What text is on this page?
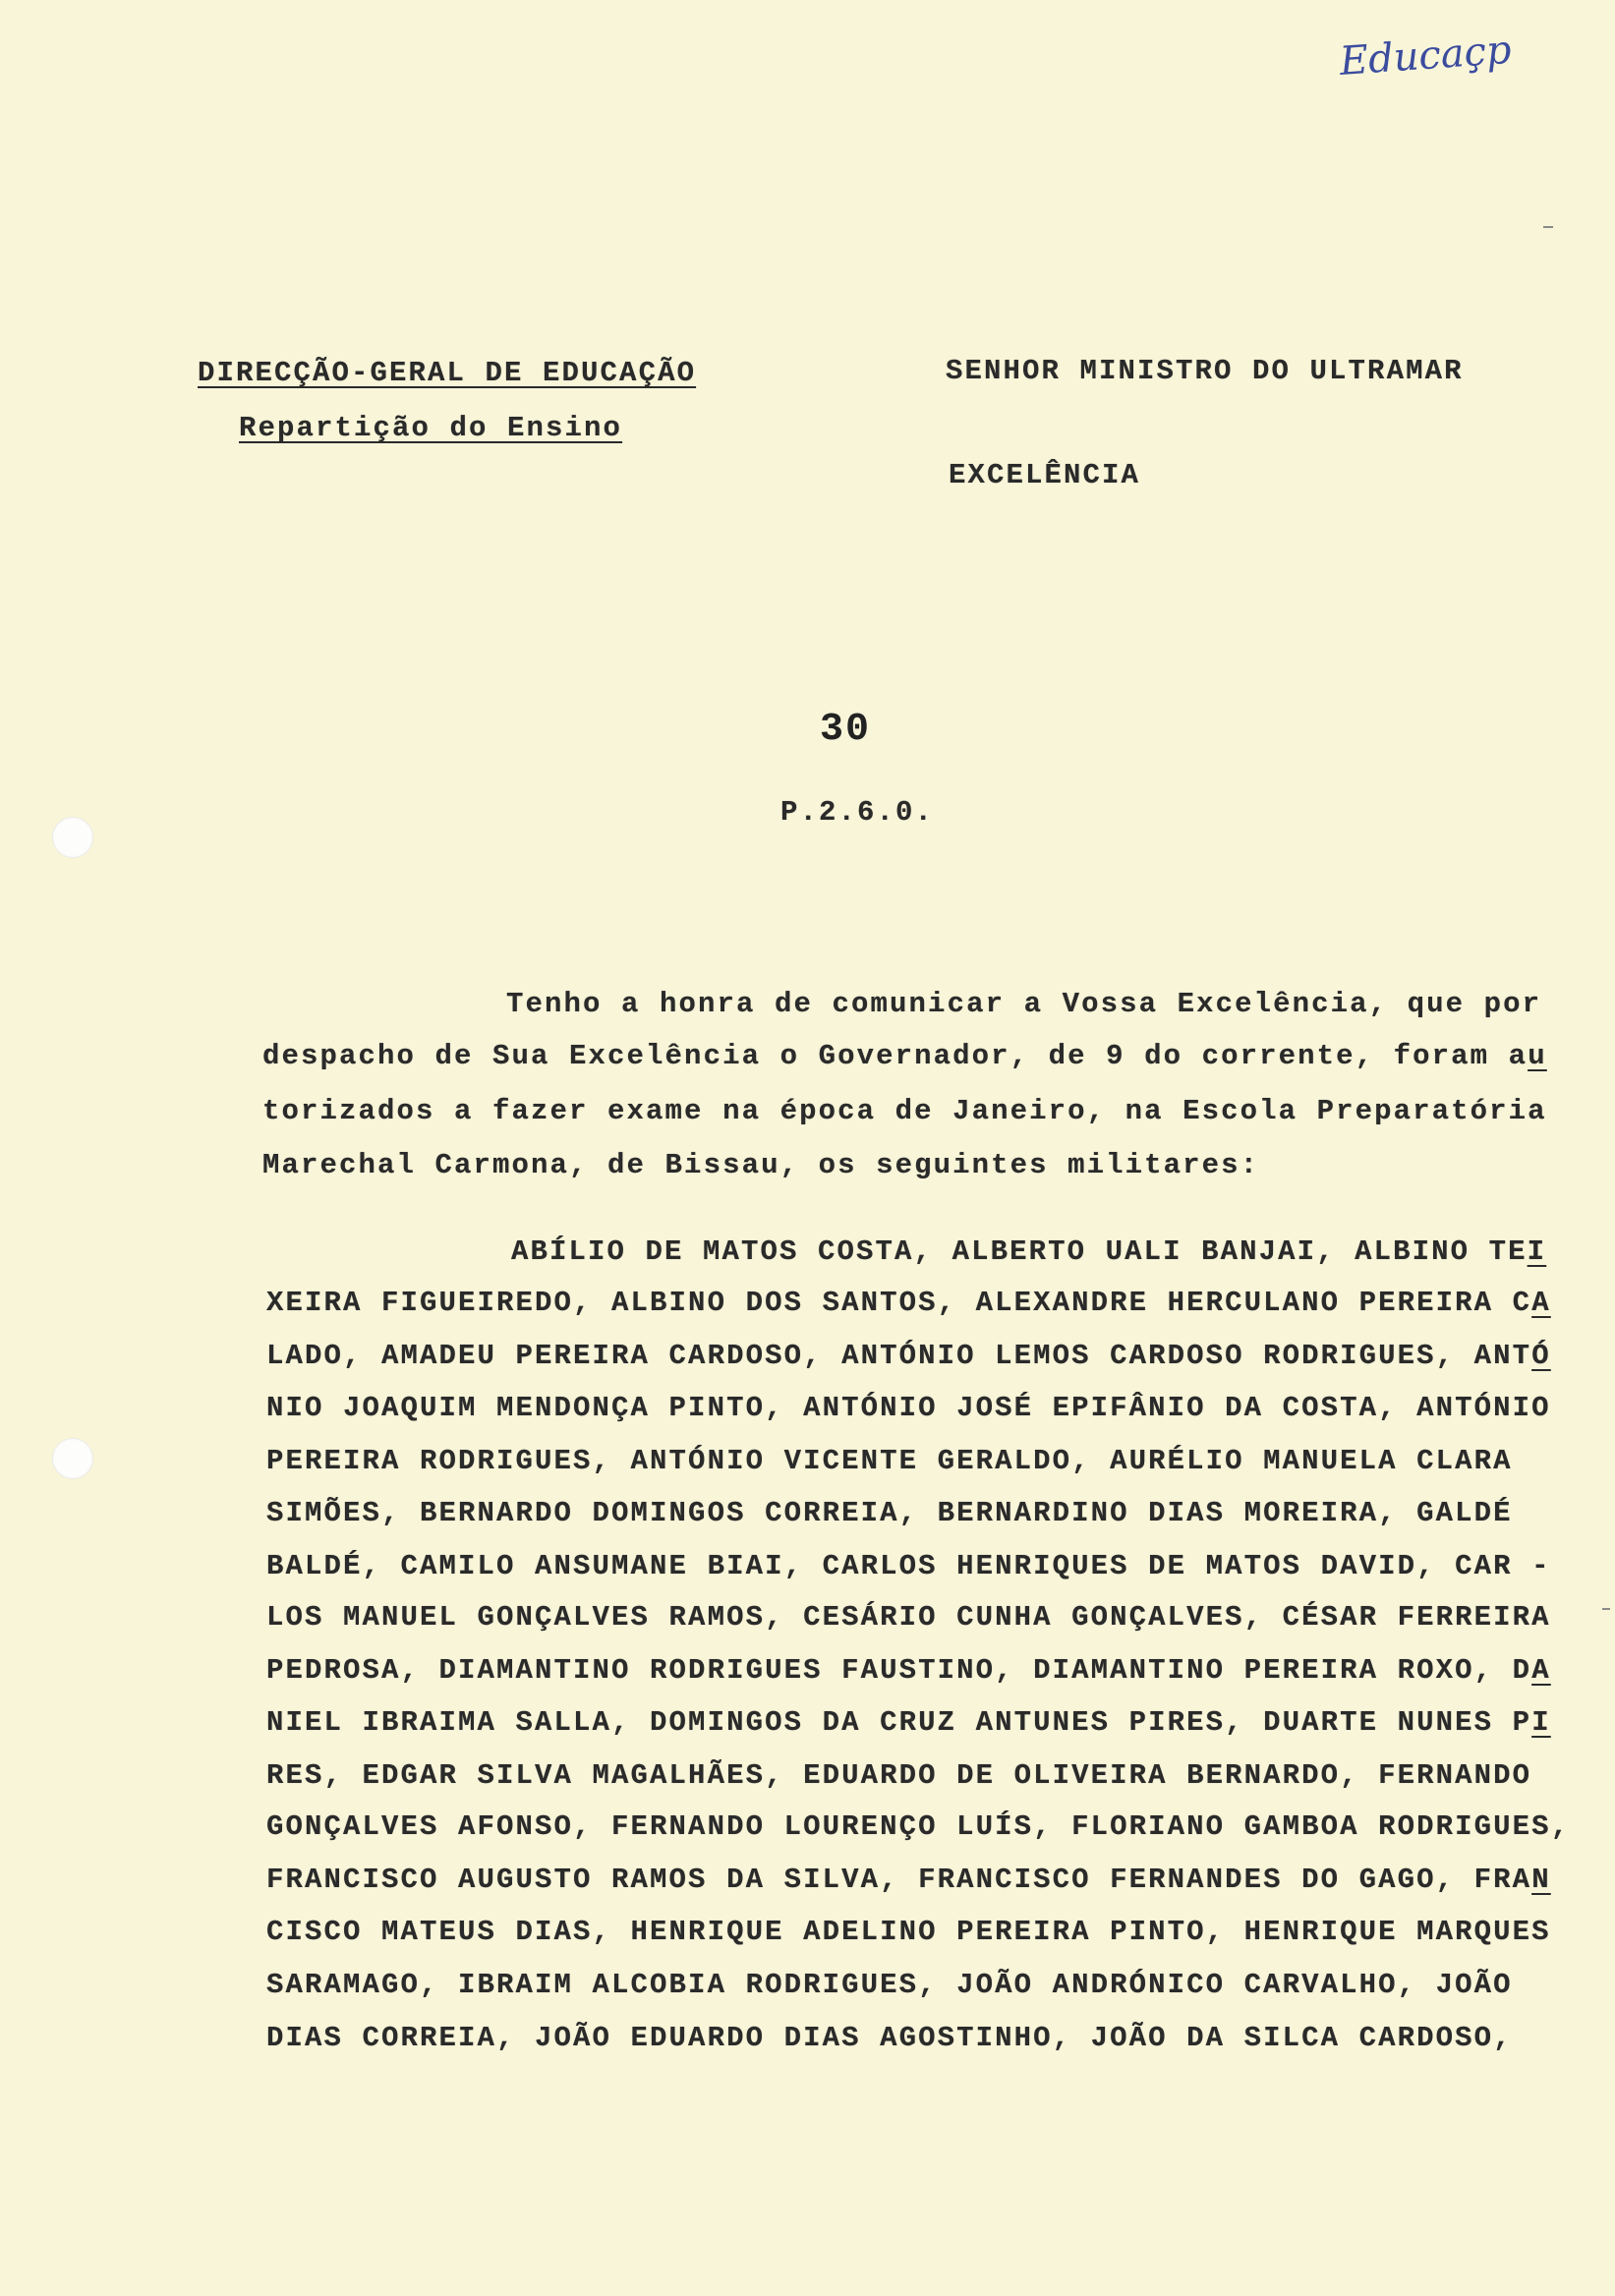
Educaçp
DIRECÇÃO-GERAL DE EDUCAÇÃO
Repartição do Ensino
SENHOR MINISTRO DO ULTRAMAR
EXCELÊNCIA
30
P.2.6.0.
Tenho a honra de comunicar a Vossa Excelência, que por
despacho de Sua Excelência o Governador, de 9 do corrente, foram au
torizados a fazer exame na época de Janeiro, na Escola Preparatória
Marechal Carmona, de Bissau, os seguintes militares:
ABÍLIO DE MATOS COSTA, ALBERTO UALI BANJAI, ALBINO TEI
XEIRA FIGUEIREDO, ALBINO DOS SANTOS, ALEXANDRE HERCULANO PEREIRA CA
LADO, AMADEU PEREIRA CARDOSO, ANTÓNIO LEMOS CARDOSO RODRIGUES, ANTÓ
NIO JOAQUIM MENDONÇA PINTO, ANTÓNIO JOSÉ EPIFÂNIO DA COSTA, ANTÓNIO
PEREIRA RODRIGUES, ANTÓNIO VICENTE GERALDO, AURÉLIO MANUELA CLARA
SIMÕES, BERNARDO DOMINGOS CORREIA, BERNARDINO DIAS MOREIRA, GALDÉ
BALDÉ, CAMILO ANSUMANE BIAI, CARLOS HENRIQUES DE MATOS DAVID, CAR -
LOS MANUEL GONÇALVES RAMOS, CESÁRIO CUNHA GONÇALVES, CÉSAR FERREIRA
PEDROSA, DIAMANTINO RODRIGUES FAUSTINO, DIAMANTINO PEREIRA ROXO, DA
NIEL IBRAIMA SALLA, DOMINGOS DA CRUZ ANTUNES PIRES, DUARTE NUNES PI
RES, EDGAR SILVA MAGALHÃES, EDUARDO DE OLIVEIRA BERNARDO, FERNANDO
GONÇALVES AFONSO, FERNANDO LOURENÇO LUÍS, FLORIANO GAMBOA RODRIGUES,
FRANCISCO AUGUSTO RAMOS DA SILVA, FRANCISCO FERNANDES DO GAGO, FRAN
CISCO MATEUS DIAS, HENRIQUE ADELINO PEREIRA PINTO, HENRIQUE MARQUES
SARAMAGO, IBRAIM ALCOBIA RODRIGUES, JOÃO ANDRÓNICO CARVALHO, JOÃO
DIAS CORREIA, JOÃO EDUARDO DIAS AGOSTINHO, JOÃO DA SILCA CARDOSO,
